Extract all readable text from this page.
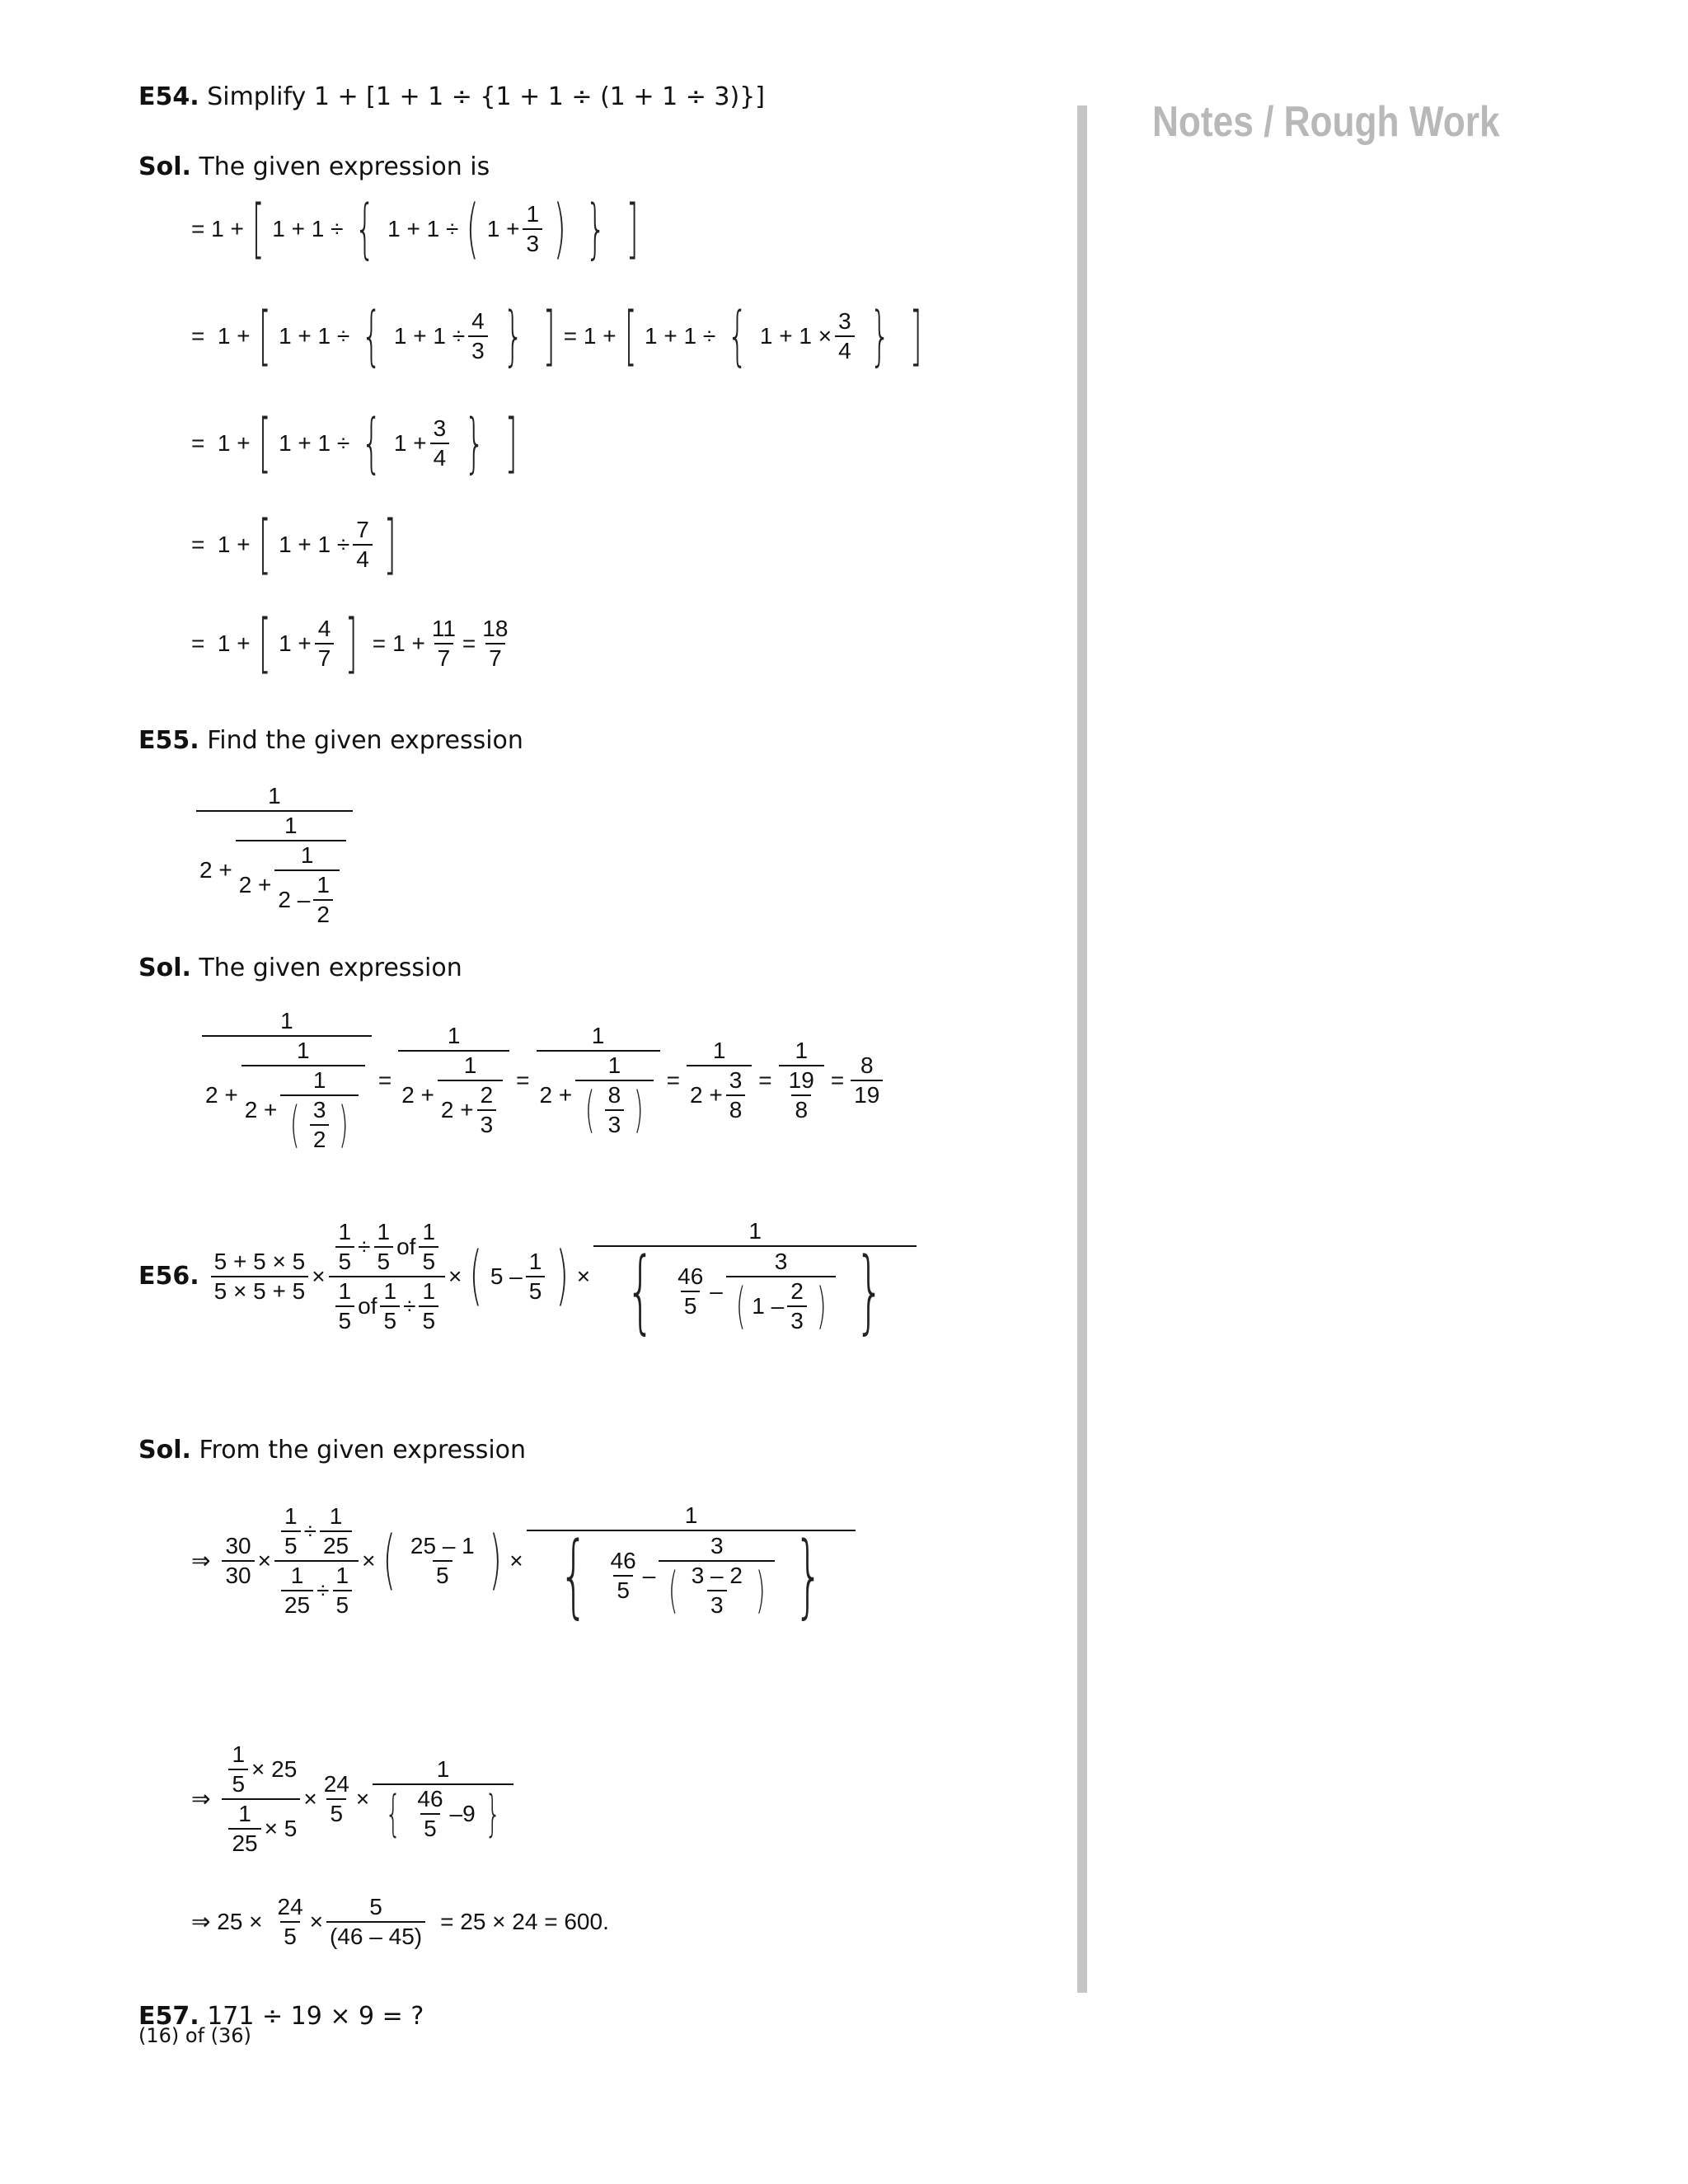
Notes / Rough Work
E54. Simplify 1 + [1 + 1 ÷ {1 + 1 ÷ (1 + 1 ÷ 3)}]
Sol. The given expression is
= 1 + [ 1 + 1 ÷ { 1 + 1 ÷ ( $1 + \frac{1}{3}$ ) } ]
=  1 + [ 1 + 1 ÷ { $1 + 1 \div \frac{4}{3}$ } ] = 1 + [ 1 + 1 ÷ { $1 + 1 \times \frac{3}{4}$ } ]
=  1 + [ 1 + 1 ÷ { $1 + \frac{3}{4}$ } ]
=  1 + [ $1 + 1 \div \frac{7}{4}$ ]
=  1 + [ $1 + \frac{4}{7}$ ] = $1 + \frac{11}{7} = \frac{18}{7}$
E55. Find the given expression
1
2 +
1
$2 + \frac{1}{2 - \frac{1}{2}}$
Sol. The given expression
1
2 +
1
$2 + \frac{1}{( \frac{3}{2} )} = \frac{1}{2 + \frac{1}{2 + \frac{2}{3}}} = \frac{1}{2 + \frac{1}{( \frac{8}{3} )}} = \frac{1}{2 + \frac{3}{8}} = \frac{1}{\frac{19}{8}} = \frac{8}{19}$
E56. $\frac{5 + 5 \times 5}{5 \times 5 + 5} \times \frac{\frac{1}{5} \div \frac{1}{5} of \frac{1}{5}}{\frac{1}{5} of \frac{1}{5} \div \frac{1}{5}}$ × ( $5 - \frac{1}{5}$ ) ×
1
{ $\frac{46}{5} - \frac{3}{( 1 - \frac{2}{3} )}$ }
Sol. From the given expression
⇒ $\frac{30}{30} \times \frac{\frac{1}{5} \div \frac{1}{25}}{\frac{1}{25} \div \frac{1}{5}}$ × ( $\frac{25 - 1}{5}$ ) ×
1
{ $\frac{46}{5} - \frac{3}{( \frac{3 - 2}{3} )}$ }
⇒ $\frac{\frac{1}{5} \times 25}{\frac{1}{25} \times 5} \times \frac{24}{5} \times \frac{1}{\{ \frac{46}{5} - 9 \}}$
⇒ $25 \times \frac{24}{5} \times \frac{5}{(46 - 45)} = 25 \times 24 = 600$.
E57. 171 ÷ 19 × 9 = ?
(16) of (36)
